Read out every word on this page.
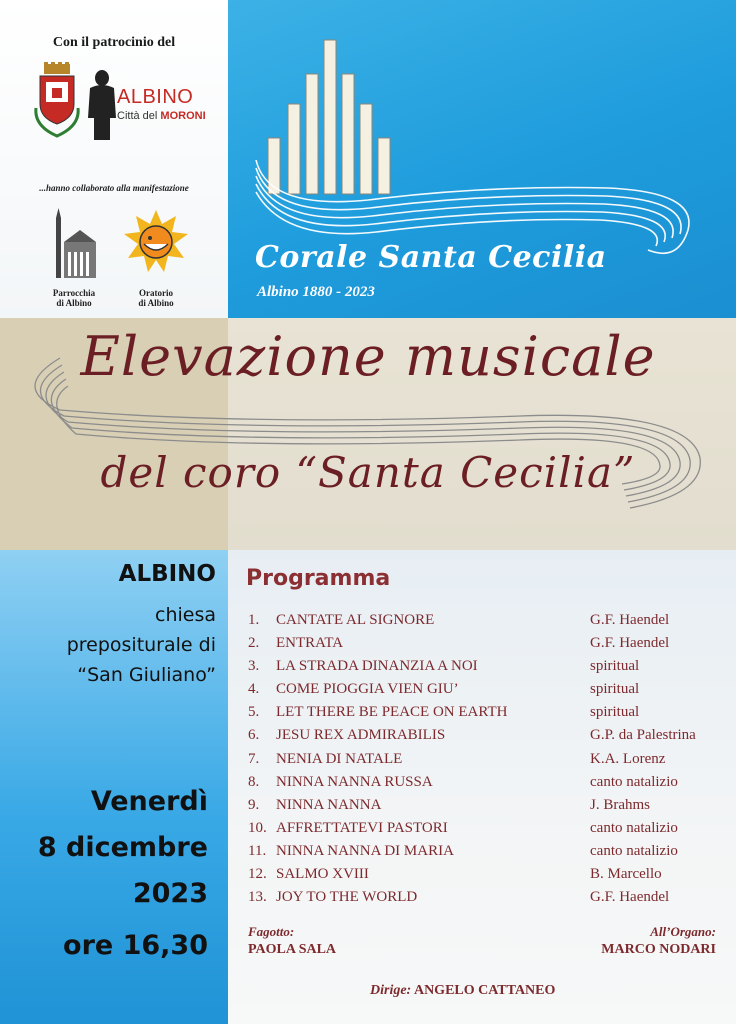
Con il patrocinio del
ALBINO
Città del MORONI
...hanno collaborato alla manifestazione
Parrocchia
di Albino
Oratorio
di Albino
Corale Santa Cecilia
Albino 1880 - 2023
Elevazione musicale
del coro “Santa Cecilia”
ALBINO
chiesa
prepositurale di
“San Giuliano”
Venerdì
8 dicembre
2023
ore 16,30
Programma
1.	CANTATE AL SIGNORE	G.F. Haendel
2.	ENTRATA	G.F. Haendel
3.	LA STRADA DINANZIA A NOI	spiritual
4.	COME PIOGGIA VIEN GIU’	spiritual
5.	LET THERE BE PEACE ON EARTH	spiritual
6.	JESU REX ADMIRABILIS	G.P. da Palestrina
7.	NENIA DI NATALE	K.A. Lorenz
8.	NINNA NANNA RUSSA	canto natalizio
9.	NINNA NANNA	J. Brahms
10. AFFRETTATEVI PASTORI	canto natalizio
11. NINNA NANNA DI MARIA	canto natalizio
12. SALMO XVIII	B. Marcello
13. JOY TO THE WORLD	G.F. Haendel
Fagotto:
PAOLA SALA
All’Organo:
MARCO NODARI
Dirige: ANGELO CATTANEO
